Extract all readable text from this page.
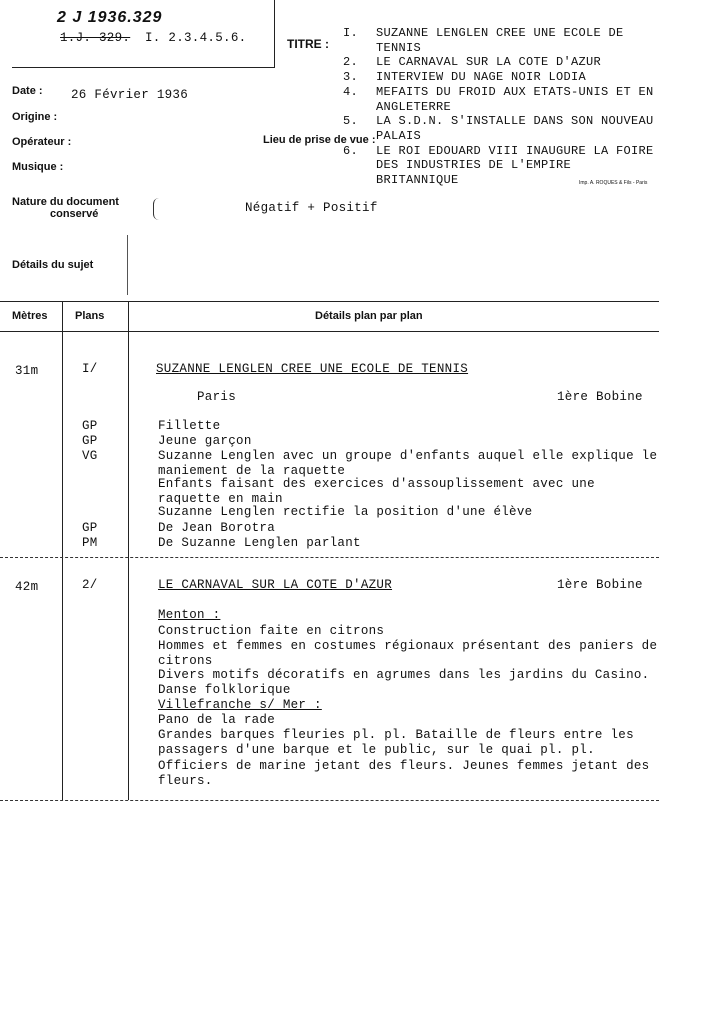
2 J 1936.329
1.J. 329. I. 2.3.4.5.6.	TITRE :
I.	SUZANNE LENGLEN CREE UNE ECOLE DE TENNIS
2.	LE CARNAVAL SUR LA COTE D'AZUR
3.	INTERVIEW DU NAGE NOIR LODIA
4.	MEFAITS DU FROID AUX ETATS-UNIS ET EN ANGLETERRE
5.	LA S.D.N. S'INSTALLE DANS SON NOUVEAU PALAIS
6.	LE ROI EDOUARD VIII INAUGURE LA FOIRE DES INDUSTRIES DE L'EMPIRE BRITANNIQUE
Date : 26 Février 1936
Origine :
Opérateur :	Lieu de prise de vue :
Musique :
Imp. A. ROQUES & Fils - Paris
Nature du document
conservé	Négatif + Positif
Détails du sujet
Mètres	Plans	Détails plan par plan
31m	I/	SUZANNE LENGLEN CREE UNE ECOLE DE TENNIS
Paris	1ère Bobine
GP	Fillette
GP	Jeune garçon
VG	Suzanne Lenglen avec un groupe d'enfants auquel elle explique le maniement de la raquette
Enfants faisant des exercices d'assouplissement avec une raquette en main
Suzanne Lenglen rectifie la position d'une élève
GP	De Jean Borotra
PM	De Suzanne Lenglen parlant
42m	2/	LE CARNAVAL SUR LA COTE D'AZUR	1ère Bobine
Menton :
Construction faite en citrons
Hommes et femmes en costumes régionaux présentant des paniers de citrons
Divers motifs décoratifs en agrumes dans les jardins du Casino. Danse folklorique
Villefranche s/ Mer :
Pano de la rade
Grandes barques fleuries pl. pl. Bataille de fleurs entre les passagers d'une barque et le public, sur le quai pl. pl.
Officiers de marine jetant des fleurs. Jeunes femmes jetant des fleurs.
